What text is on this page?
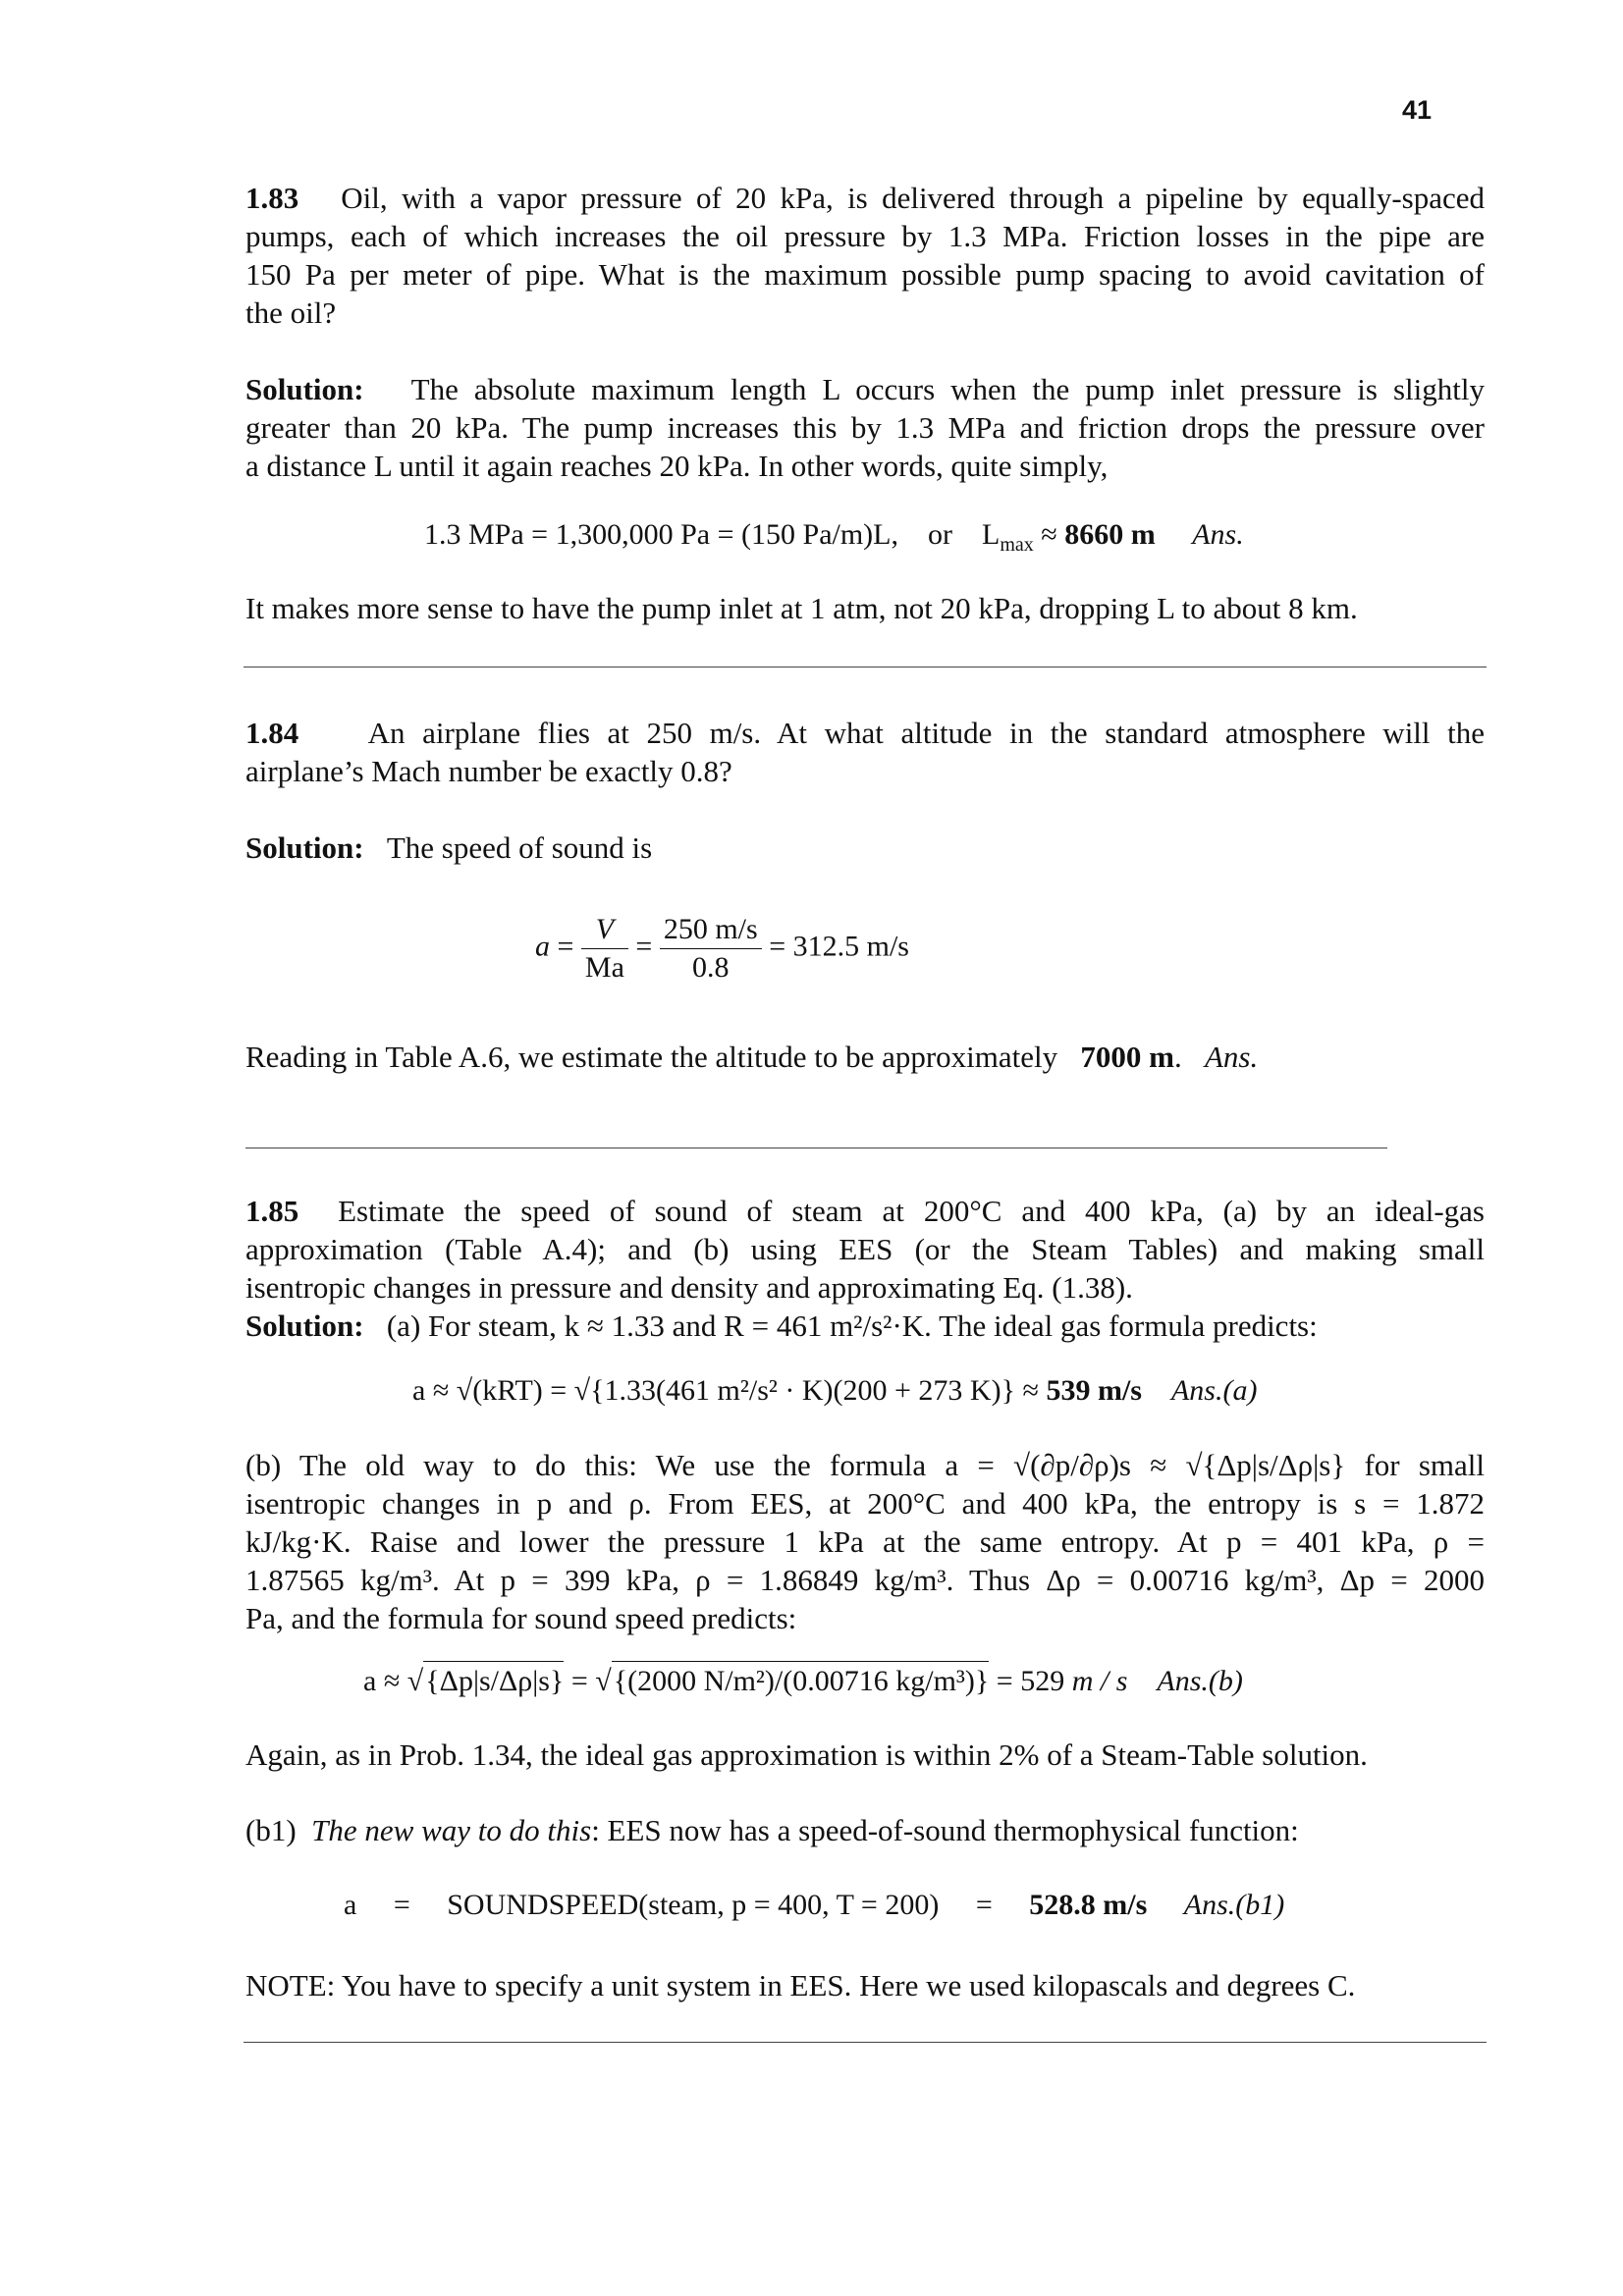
41
1.83 Oil, with a vapor pressure of 20 kPa, is delivered through a pipeline by equally-spaced
pumps, each of which increases the oil pressure by 1.3 MPa. Friction losses in the pipe are
150 Pa per meter of pipe. What is the maximum possible pump spacing to avoid cavitation of
the oil?
Solution: The absolute maximum length L occurs when the pump inlet pressure is slightly
greater than 20 kPa. The pump increases this by 1.3 MPa and friction drops the pressure over
a distance L until it again reaches 20 kPa. In other words, quite simply,
1.3 MPa = 1,300,000 Pa = (150 Pa/m)L, or $L_{max} \approx 8660$ m Ans.
It makes more sense to have the pump inlet at 1 atm, not 20 kPa, dropping L to about 8 km.
1.84 An airplane flies at 250 m/s. At what altitude in the standard atmosphere will the
airplane’s Mach number be exactly 0.8?
Solution: The speed of sound is
$a = \frac{V}{Ma} = \frac{250 m/s}{0.8} = 312.5$ m/s
Reading in Table A.6, we estimate the altitude to be approximately 7000 m. Ans.
1.85 Estimate the speed of sound of steam at 200°C and 400 kPa, (a) by an ideal-gas
approximation (Table A.4); and (b) using EES (or the Steam Tables) and making small
isentropic changes in pressure and density and approximating Eq. (1.38).
Solution: (a) For steam, k ≈ 1.33 and R = 461 m²/s²·K. The ideal gas formula predicts:
a ≈ √(kRT) = √{1.33(461 m²/s² · K)(200 + 273 K)} ≈ 539 m/s Ans.(a)
(b) The old way to do this: We use the formula a = √(∂p/∂ρ)s ≈ √{Δp|s/Δρ|s} for small
isentropic changes in p and ρ. From EES, at 200°C and 400 kPa, the entropy is s = 1.872
kJ/kg·K. Raise and lower the pressure 1 kPa at the same entropy. At p = 401 kPa, ρ =
1.87565 kg/m³. At p = 399 kPa, ρ = 1.86849 kg/m³. Thus Δρ = 0.00716 kg/m³, Δp = 2000
Pa, and the formula for sound speed predicts:
a ≈ √{Δp|s/Δρ|s} = √{(2000 N/m²)/(0.00716 kg/m³)} = 529 m / s Ans.(b)
Again, as in Prob. 1.34, the ideal gas approximation is within 2% of a Steam-Table solution.
(b1) The new way to do this: EES now has a speed-of-sound thermophysical function:
a = SOUNDSPEED(steam, p = 400, T = 200) = 528.8 m/s Ans.(b1)
NOTE: You have to specify a unit system in EES. Here we used kilopascals and degrees C.
